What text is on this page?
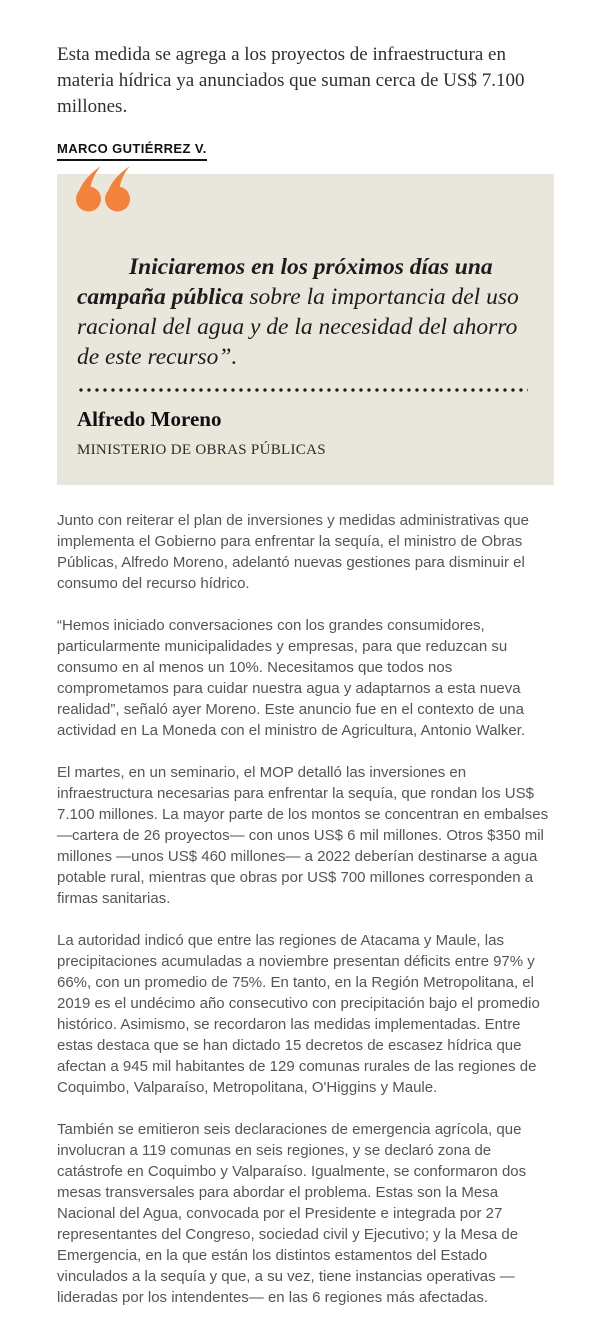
Esta medida se agrega a los proyectos de infraestructura en materia hídrica ya anunciados que suman cerca de US$ 7.100 millones.

MARCO GUTIÉRREZ V.

Iniciaremos en los próximos días una campaña pública sobre la importancia del uso racional del agua y de la necesidad del ahorro de este recurso”.

Alfredo Moreno

MINISTERIO DE OBRAS PÚBLICAS

Junto con reiterar el plan de inversiones y medidas administrativas que implementa el Gobierno para enfrentar la sequía, el ministro de Obras Públicas, Alfredo Moreno, adelantó nuevas gestiones para disminuir el consumo del recurso hídrico.

“Hemos iniciado conversaciones con los grandes consumidores, particularmente municipalidades y empresas, para que reduzcan su consumo en al menos un 10%. Necesitamos que todos nos comprometamos para cuidar nuestra agua y adaptarnos a esta nueva realidad”, señaló ayer Moreno. Este anuncio fue en el contexto de una actividad en La Moneda con el ministro de Agricultura, Antonio Walker.

El martes, en un seminario, el MOP detalló las inversiones en infraestructura necesarias para enfrentar la sequía, que rondan los US$ 7.100 millones. La mayor parte de los montos se concentran en embalses —cartera de 26 proyectos— con unos US$ 6 mil millones. Otros $350 mil millones —unos US$ 460 millones— a 2022 deberían destinarse a agua potable rural, mientras que obras por US$ 700 millones corresponden a firmas sanitarias.

La autoridad indicó que entre las regiones de Atacama y Maule, las precipitaciones acumuladas a noviembre presentan déficits entre 97% y 66%, con un promedio de 75%. En tanto, en la Región Metropolitana, el 2019 es el undécimo año consecutivo con precipitación bajo el promedio histórico. Asimismo, se recordaron las medidas implementadas. Entre estas destaca que se han dictado 15 decretos de escasez hídrica que afectan a 945 mil habitantes de 129 comunas rurales de las regiones de Coquimbo, Valparaíso, Metropolitana, O'Higgins y Maule.

También se emitieron seis declaraciones de emergencia agrícola, que involucran a 119 comunas en seis regiones, y se declaró zona de catástrofe en Coquimbo y Valparaíso. Igualmente, se conformaron dos mesas transversales para abordar el problema. Estas son la Mesa Nacional del Agua, convocada por el Presidente e integrada por 27 representantes del Congreso, sociedad civil y Ejecutivo; y la Mesa de Emergencia, en la que están los distintos estamentos del Estado vinculados a la sequía y que, a su vez, tiene instancias operativas —lideradas por los intendentes— en las 6 regiones más afectadas.
